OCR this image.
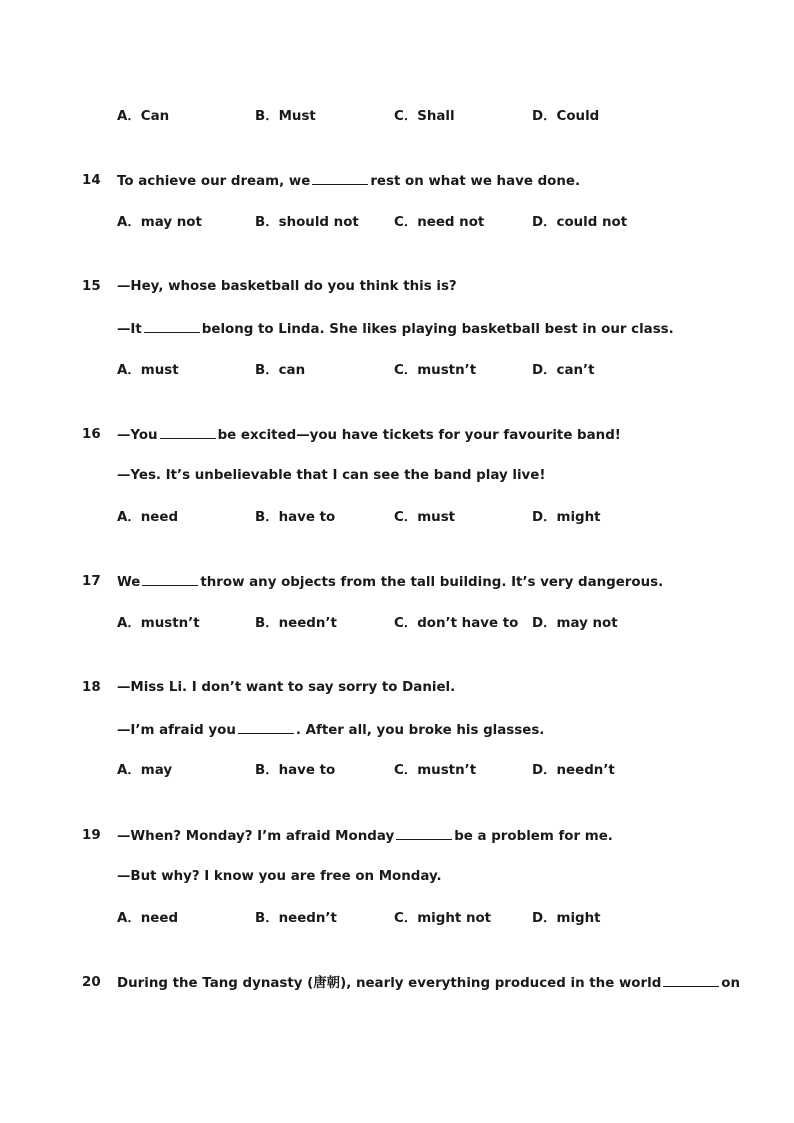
A．Can	B．Must	C．Shall	D．Could
14 To achieve our dream, we	rest on what we have done.
A．may not	B．should not	C．need not	D．could not
15 —Hey, whose basketball do you think this is?
—It	belong to Linda. She likes playing basketball best in our class.
A．must	B．can	C．mustn’t	D．can’t
16 —You	be excited—you have tickets for your favourite band!
—Yes. It’s unbelievable that I can see the band play live!
A．need	B．have to	C．must	D．might
17 We	throw any objects from the tall building. It’s very dangerous.
A．mustn’t	B．needn’t	C．don’t have to D．may not
18 —Miss Li. I don’t want to say sorry to Daniel.
—I’m afraid you	. After all, you broke his glasses.
A．may	B．have to	C．mustn’t	D．needn’t
19 —When? Monday? I’m afraid Monday	be a problem for me.
—But why? I know you are free on Monday.
A．need	B．needn’t	C．might not	D．might
20 During the Tang dynasty (唐朝), nearly everything produced in the world	on
